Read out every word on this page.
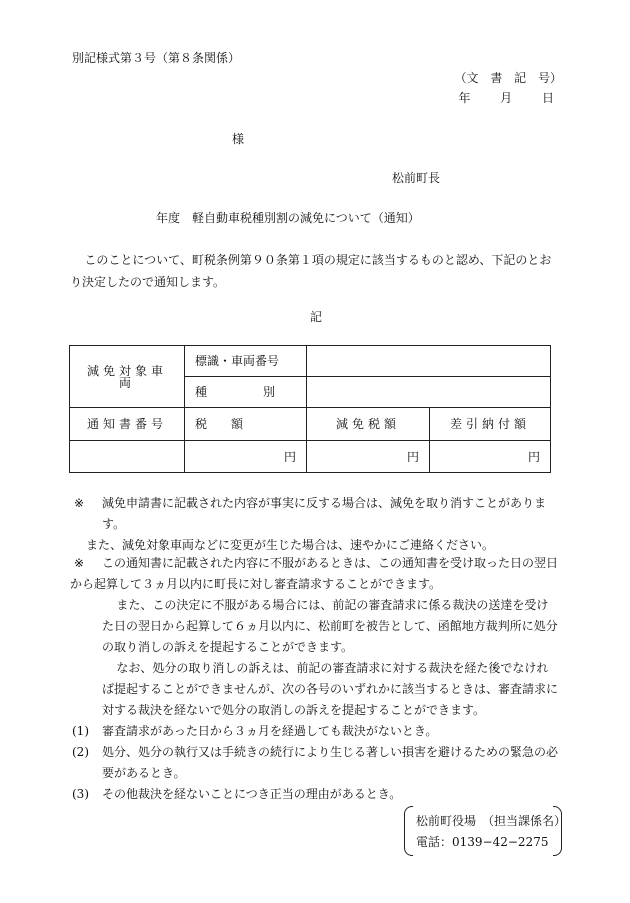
別記様式第３号（第８条関係）
（文 書 記 号）
年 月 日
様
松前町長
年度　軽自動車税種別割の減免について（通知）
このことについて、町税条例第９０条第１項の規定に該当するものと認め、下記のとおり決定したので通知します。
記
減免対象車両	標識・車両番号		
	種別		
通知書番号	税　　額	減免税額	差引納付額
	円	円	円
※	減免申請書に記載された内容が事実に反する場合は、減免を取り消すことがあります。

また、減免対象車両などに変更が生じた場合は、速やかにご連絡ください。

※	この通知書に記載された内容に不服があるときは、この通知書を受け取った日の翌日から起算して３ヵ月以内に町長に対し審査請求することができます。

また、この決定に不服がある場合には、前記の審査請求に係る裁決の送達を受けた日の翌日から起算して６ヵ月以内に、松前町を被告として、函館地方裁判所に処分の取り消しの訴えを提起することができます。

なお、処分の取り消しの訴えは、前記の審査請求に対する裁決を経た後でなければ提起することができませんが、次の各号のいずれかに該当するときは、審査請求に対する裁決を経ないで処分の取消しの訴えを提起することができます。

(1) 審査請求があった日から３ヵ月を経過しても裁決がないとき。

(2) 処分、処分の執行又は手続きの続行により生じる著しい損害を避けるための緊急の必要があるとき。

(3) その他裁決を経ないことにつき正当の理由があるとき。

松前町役場　（担当課係名）
電話：0139−42−2275
